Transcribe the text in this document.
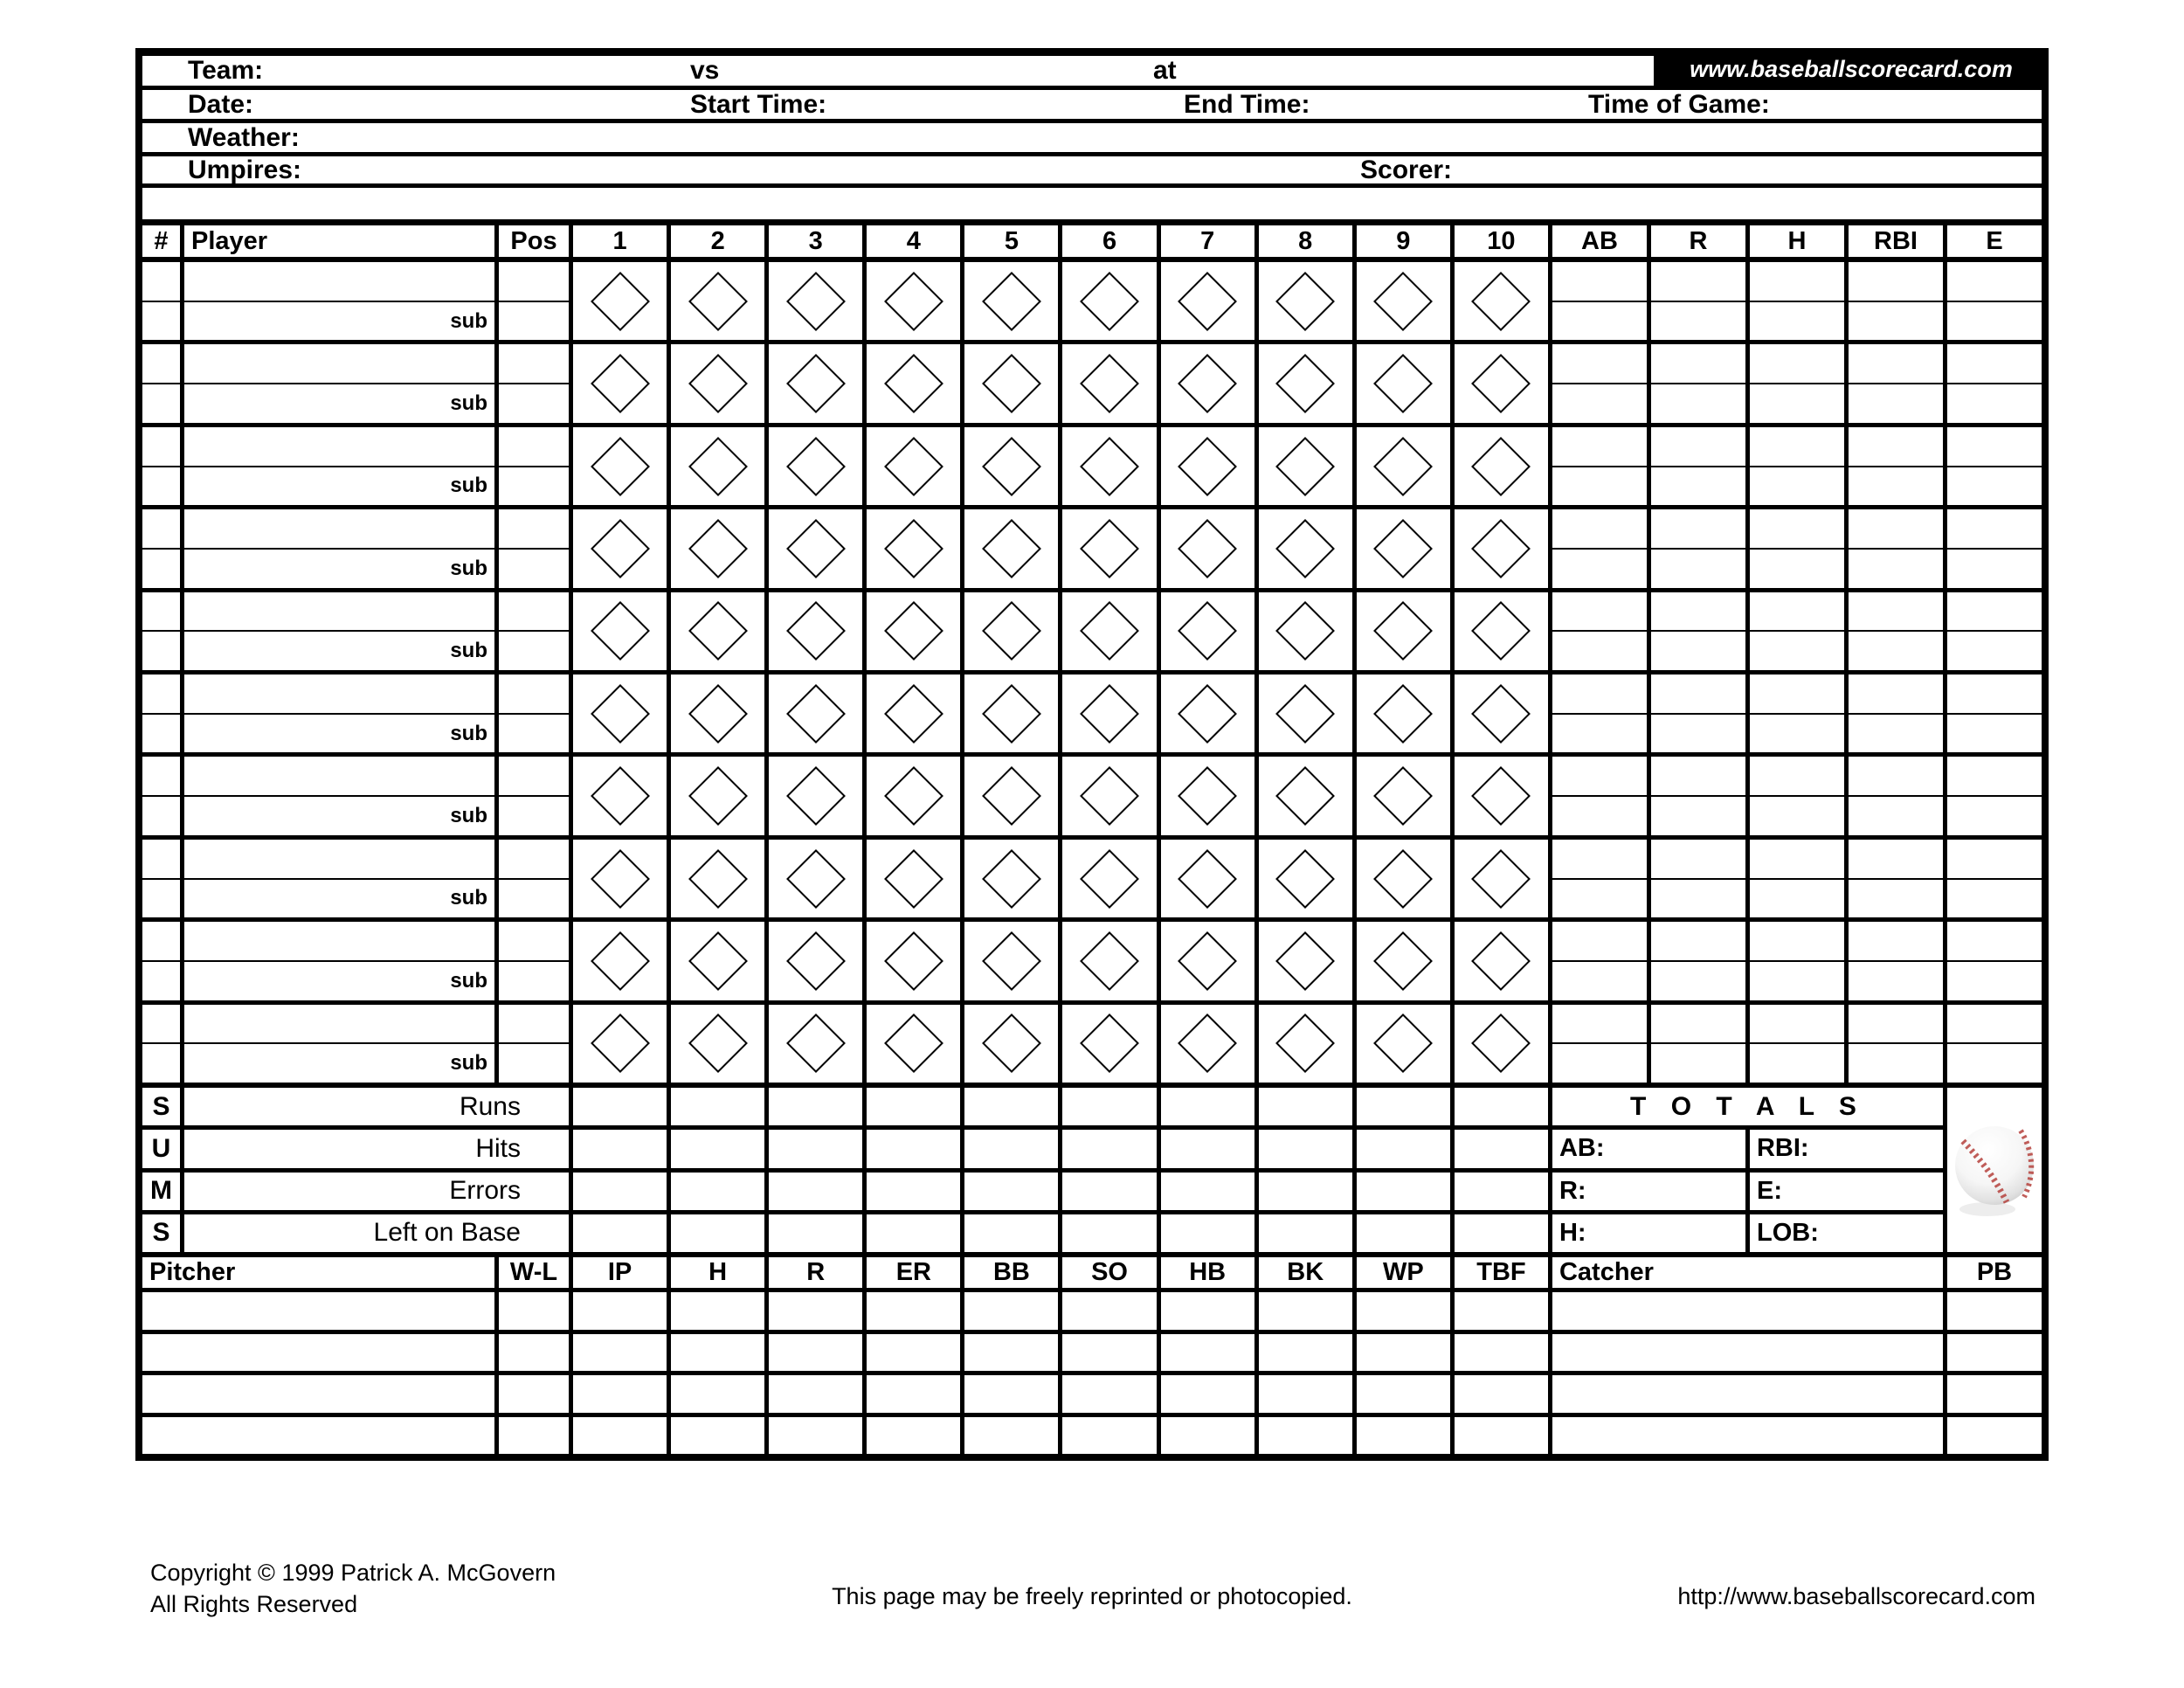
Team:	vs	at	www.baseballscorecard.com
Date:	Start Time:	End Time:	Time of Game:
Weather:
Umpires:	Scorer:
# Player	Pos	1	2	3	4	5	6	7	8	9	10	AB	R	H	RBI	E
sub
sub
sub
sub
sub
sub
sub
sub
sub
sub
S	Runs
U	Hits
M	Errors
S	Left on Base
T O T A L S
AB:	RBI:
R:	E:
H:	LOB:
Pitcher	W-L	IP	H	R	ER	BB	SO	HB	BK	WP	TBF	Catcher	PB
Copyright © 1999 Patrick A. McGovern
All Rights Reserved	This page may be freely reprinted or photocopied.	http://www.baseballscorecard.com
